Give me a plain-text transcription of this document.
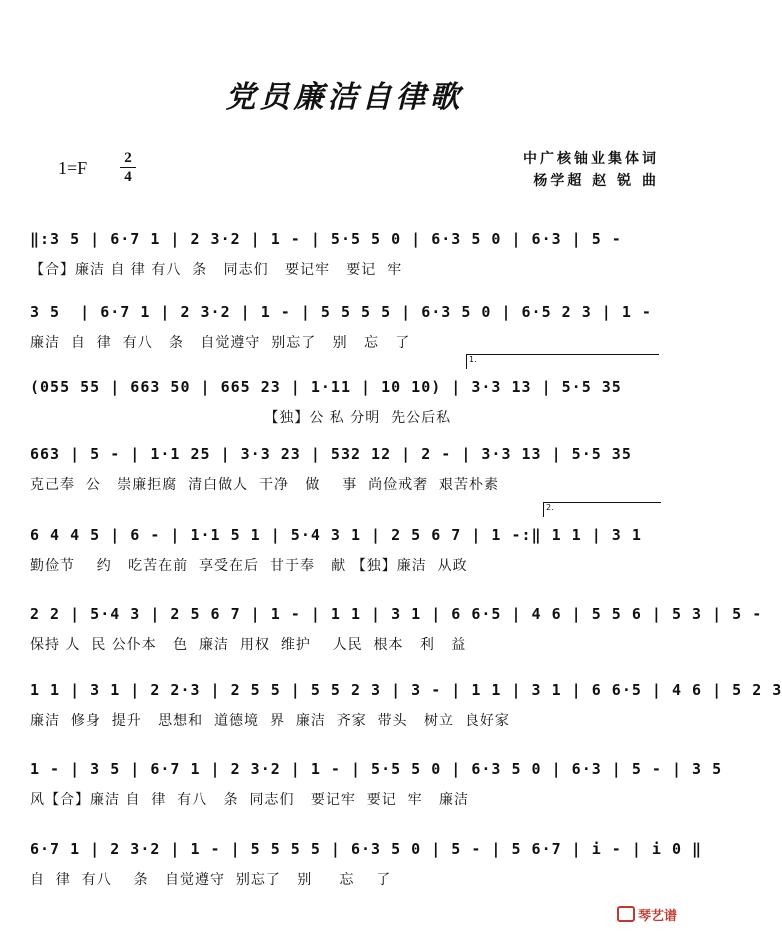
党员廉洁自律歌
1=F 2
4
中广核铀业集体词
杨学超 赵 锐 曲
1.
2.
‖:3 5 | 6·7 1 | 2 3·2 | 1 - | 5·5 5 0 | 6·3 5 0 | 6·3 | 5 -
【合】廉洁 自 律 有八  条   同志们   要记牢   要记  牢
3 5  | 6·7 1 | 2 3·2 | 1 - | 5 5 5 5 | 6·3 5 0 | 6·5 2 3 | 1 -
廉洁  自  律  有八   条   自觉遵守  别忘了   别   忘   了
(055 55 | 663 50 | 665 23 | 1·11 | 10 10) | 3·3 13 | 5·5 35
【独】公 私 分明  先公后私
663 | 5 - | 1·1 25 | 3·3 23 | 532 12 | 2 - | 3·3 13 | 5·5 35
克己奉  公   崇廉拒腐  清白做人  干净   做    事  尚俭戒奢  艰苦朴素
6 4 4 5 | 6 - | 1·1 5 1 | 5·4 3 1 | 2 5 6 7 | 1 -:‖ 1 1 | 3 1
勤俭节    约   吃苦在前  享受在后  甘于奉   献 【独】廉洁  从政
2 2 | 5·4 3 | 2 5 6 7 | 1 - | 1 1 | 3 1 | 6 6·5 | 4 6 | 5 5 6 | 5 3 | 5 -
保持 人  民 公仆本   色  廉洁  用权  维护    人民  根本   利   益
1 1 | 3 1 | 2 2·3 | 2 5 5 | 5 5 2 3 | 3 - | 1 1 | 3 1 | 6 6·5 | 4 6 | 5 2 3
廉洁  修身  提升   思想和  道德境  界  廉洁  齐家  带头   树立  良好家
1 - | 3 5 | 6·7 1 | 2 3·2 | 1 - | 5·5 5 0 | 6·3 5 0 | 6·3 | 5 - | 3 5
风【合】廉洁 自  律  有八   条  同志们   要记牢  要记  牢   廉洁
6·7 1 | 2 3·2 | 1 - | 5 5 5 5 | 6·3 5 0 | 5 - | 5 6·7 | i - | i 0 ‖
自  律  有八    条   自觉遵守  别忘了   别     忘    了
琴艺谱
